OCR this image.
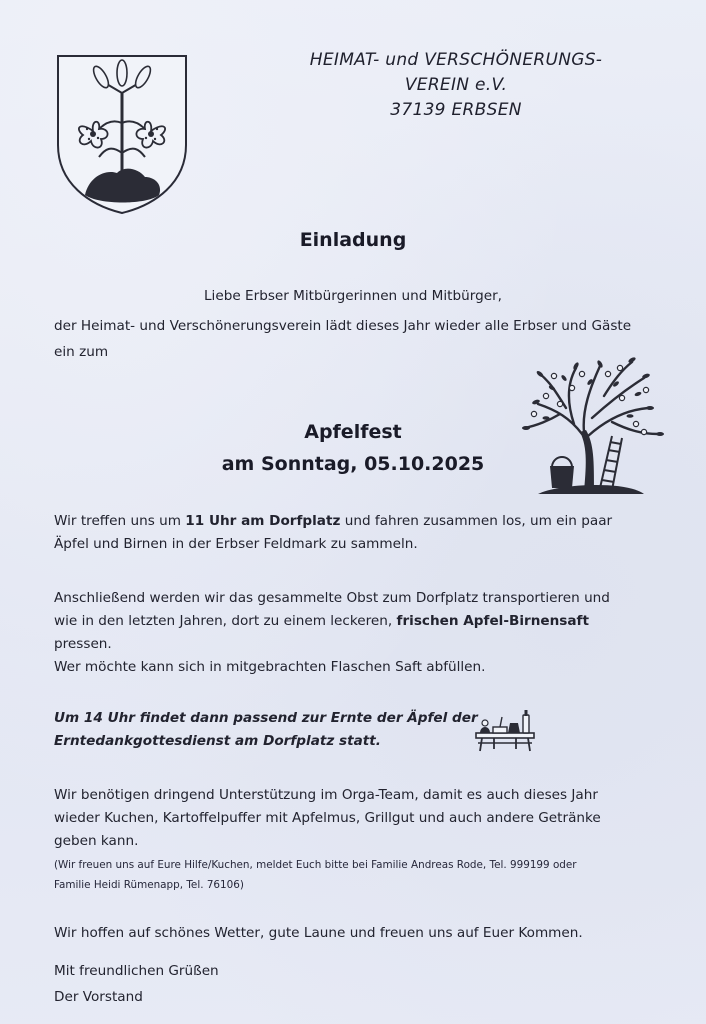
HEIMAT- und VERSCHÖNERUNGS-
VEREIN e.V.
37139 ERBSEN
Einladung
Liebe Erbser Mitbürgerinnen und Mitbürger,
der Heimat- und Verschönerungsverein lädt dieses Jahr wieder alle Erbser und Gäste
ein zum
Apfelfest
am Sonntag, 05.10.2025
Wir treffen uns um 11 Uhr am Dorfplatz und fahren zusammen los, um ein paar
Äpfel und Birnen in der Erbser Feldmark zu sammeln.
Anschließend werden wir das gesammelte Obst zum Dorfplatz transportieren und
wie in den letzten Jahren, dort zu einem leckeren, frischen Apfel-Birnensaft
pressen.
Wer möchte kann sich in mitgebrachten Flaschen Saft abfüllen.
Um 14 Uhr findet dann passend zur Ernte der Äpfel der
Erntedankgottesdienst am Dorfplatz statt.
Wir benötigen dringend Unterstützung im Orga-Team, damit es auch dieses Jahr
wieder Kuchen, Kartoffelpuffer mit Apfelmus, Grillgut und auch andere Getränke
geben kann.
(Wir freuen uns auf Eure Hilfe/Kuchen, meldet Euch bitte bei Familie Andreas Rode, Tel. 999199 oder
Familie Heidi Rümenapp, Tel. 76106)
Wir hoffen auf schönes Wetter, gute Laune und freuen uns auf Euer Kommen.
Mit freundlichen Grüßen
Der Vorstand
